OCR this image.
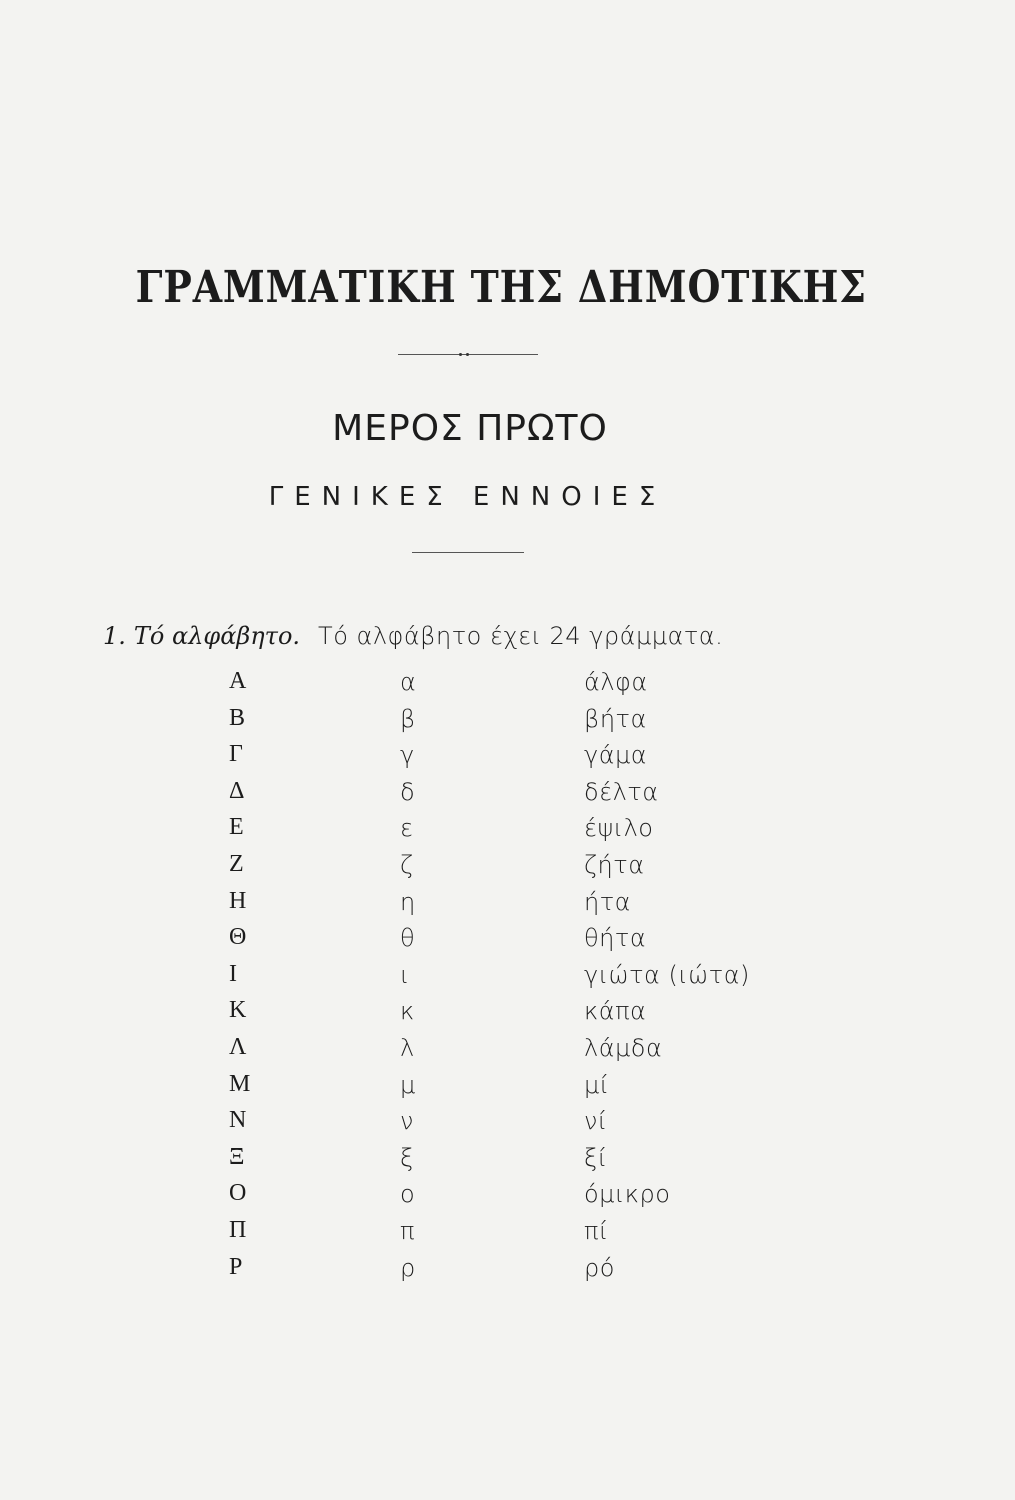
ΓΡΑΜΜΑΤΙΚΗ ΤΗΣ ΔΗΜΟΤΙΚΗΣ
ΜΕΡΟΣ ΠΡΩΤΟ
ΓΕΝΙΚΕΣ ΕΝΝΟΙΕΣ
1. Τό αλφάβητο. Τό αλφάβητο έχει 24 γράμματα.
Α	α	άλφα
Β	β	βήτα
Γ	γ	γάμα
Δ	δ	δέλτα
Ε	ε	έψιλο
Ζ	ζ	ζήτα
Η	η	ήτα
Θ	θ	θήτα
Ι	ι	γιώτα (ιώτα)
Κ	κ	κάπα
Λ	λ	λάμδα
Μ	μ	μί
Ν	ν	νί
Ξ	ξ	ξί
Ο	ο	όμικρο
Π	π	πί
Ρ	ρ	ρό
